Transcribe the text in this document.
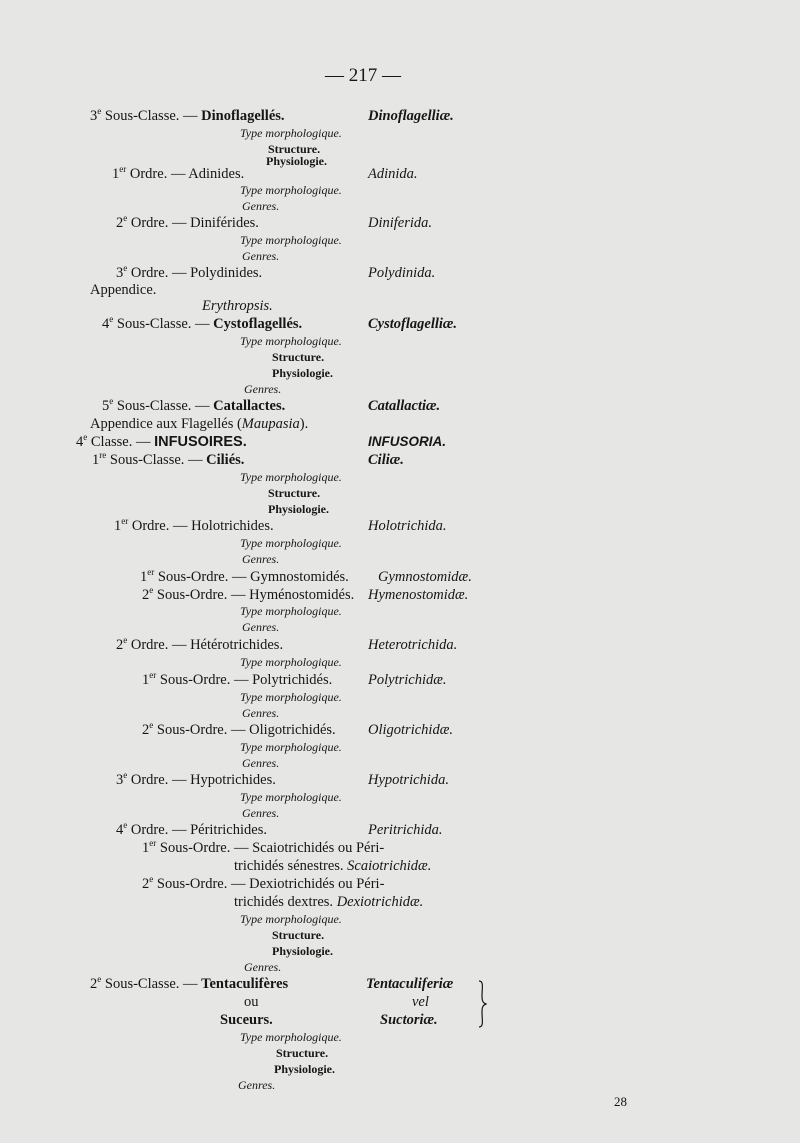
— 217 —
3e Sous-Classe. — Dinoflagellés.	Dinoflagelliæ.
Type morphologique.
Structure.
Physiologie.
1er Ordre. — Adinides.	Adinida.
Type morphologique.
Genres.
2e Ordre. — Diniférides.	Diniferida.
Type morphologique.
Genres.
3e Ordre. — Polydinides.	Polydinida.
Appendice.
Erythropsis.
4e Sous-Classe. — Cystoflagellés.	Cystoflagelliæ.
Type morphologique.
Structure.
Physiologie.
Genres.
5e Sous-Classe. — Catallactes.	Catallactiæ.
Appendice aux Flagellés (Maupasia).
4e Classe. — INFUSOIRES.	INFUSORIA.
1re Sous-Classe. — Ciliés.	Ciliæ.
Type morphologique.
Structure.
Physiologie.
1er Ordre. — Holotrichides.	Holotrichida.
Type morphologique.
Genres.
1er Sous-Ordre. — Gymnostomidés. Gymnostomidæ.
2e Sous-Ordre. — Hyménostomidés. Hymenostomidæ.
Type morphologique.
Genres.
2e Ordre. — Hétérotrichides.	Heterotrichida.
Type morphologique.
1er Sous-Ordre. — Polytrichidés. Polytrichidæ.
Type morphologique.
Genres.
2e Sous-Ordre. — Oligotrichidés. Oligotrichidæ.
Type morphologique.
Genres.
3e Ordre. — Hypotrichides.	Hypotrichida.
Type morphologique.
Genres.
4e Ordre. — Péritrichides.	Peritrichida.
1er Sous-Ordre. — Scaiotrichidés ou Péri-
trichidés sénestres. Scaiotrichidæ.
2e Sous-Ordre. — Dexiotrichidés ou Péri-
trichidés dextres. Dexiotrichidæ.
Type morphologique.
Structure.
Physiologie.
Genres.
2e Sous-Classe. — Tentaculifères	Tentaculiferiæ
ou	vel
Suceurs.	Suctoriæ.
Type morphologique.
Structure.
Physiologie.
Genres.
28
